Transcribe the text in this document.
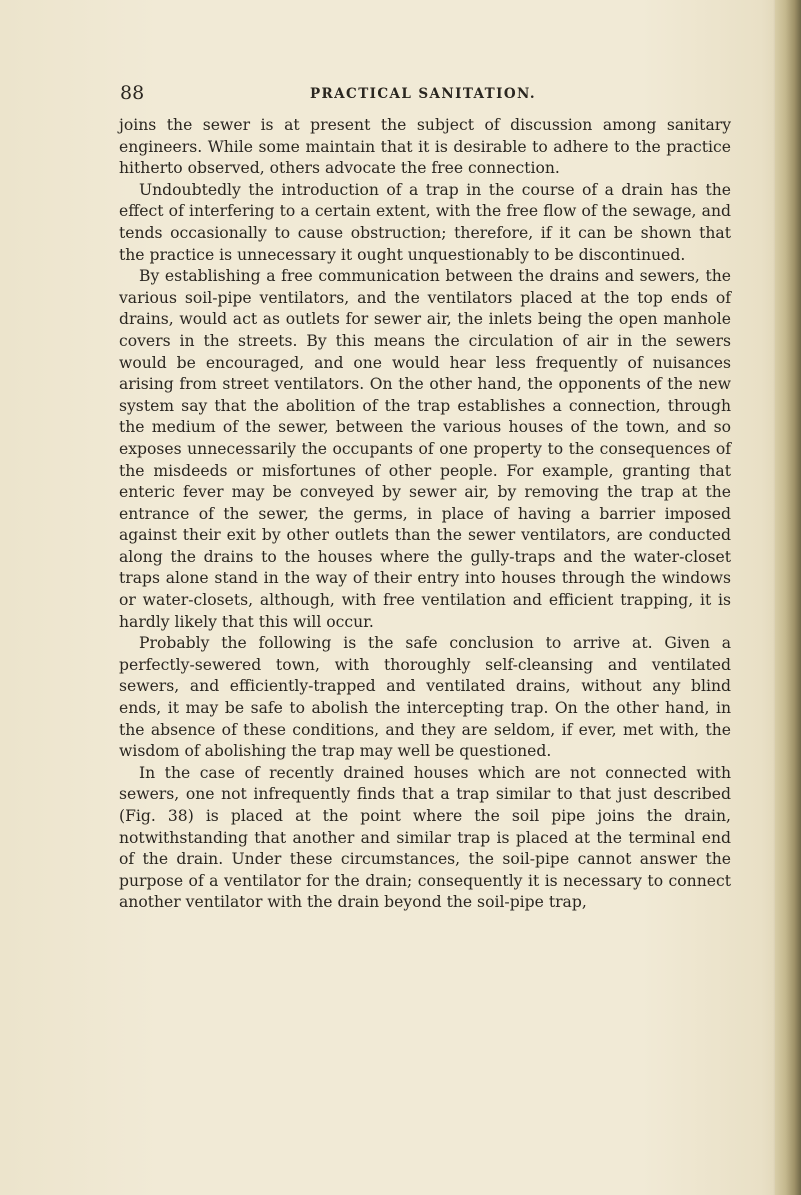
88	PRACTICAL SANITATION.

joins the sewer is at present the subject of discussion among sanitary engineers. While some maintain that it is desirable to adhere to the practice hitherto observed, others advocate the free connection.

Undoubtedly the introduction of a trap in the course of a drain has the effect of interfering to a certain extent, with the free flow of the sewage, and tends occasionally to cause obstruction; therefore, if it can be shown that the practice is unnecessary it ought unquestionably to be discontinued.

By establishing a free communication between the drains and sewers, the various soil-pipe ventilators, and the ventilators placed at the top ends of drains, would act as outlets for sewer air, the inlets being the open manhole covers in the streets. By this means the circulation of air in the sewers would be encouraged, and one would hear less frequently of nuisances arising from street ventilators. On the other hand, the opponents of the new system say that the abolition of the trap establishes a connection, through the medium of the sewer, between the various houses of the town, and so exposes unnecessarily the occupants of one property to the consequences of the misdeeds or misfortunes of other people. For example, granting that enteric fever may be conveyed by sewer air, by removing the trap at the entrance of the sewer, the germs, in place of having a barrier imposed against their exit by other outlets than the sewer ventilators, are conducted along the drains to the houses where the gully-traps and the water-closet traps alone stand in the way of their entry into houses through the windows or water-closets, although, with free ventilation and efficient trapping, it is hardly likely that this will occur.

Probably the following is the safe conclusion to arrive at. Given a perfectly-sewered town, with thoroughly self-cleansing and ventilated sewers, and efficiently-trapped and ventilated drains, without any blind ends, it may be safe to abolish the intercepting trap. On the other hand, in the absence of these conditions, and they are seldom, if ever, met with, the wisdom of abolishing the trap may well be questioned.

In the case of recently drained houses which are not connected with sewers, one not infrequently finds that a trap similar to that just described (Fig. 38) is placed at the point where the soil pipe joins the drain, notwithstanding that another and similar trap is placed at the terminal end of the drain. Under these circumstances, the soil-pipe cannot answer the purpose of a ventilator for the drain; consequently it is necessary to connect another ventilator with the drain beyond the soil-pipe trap,
